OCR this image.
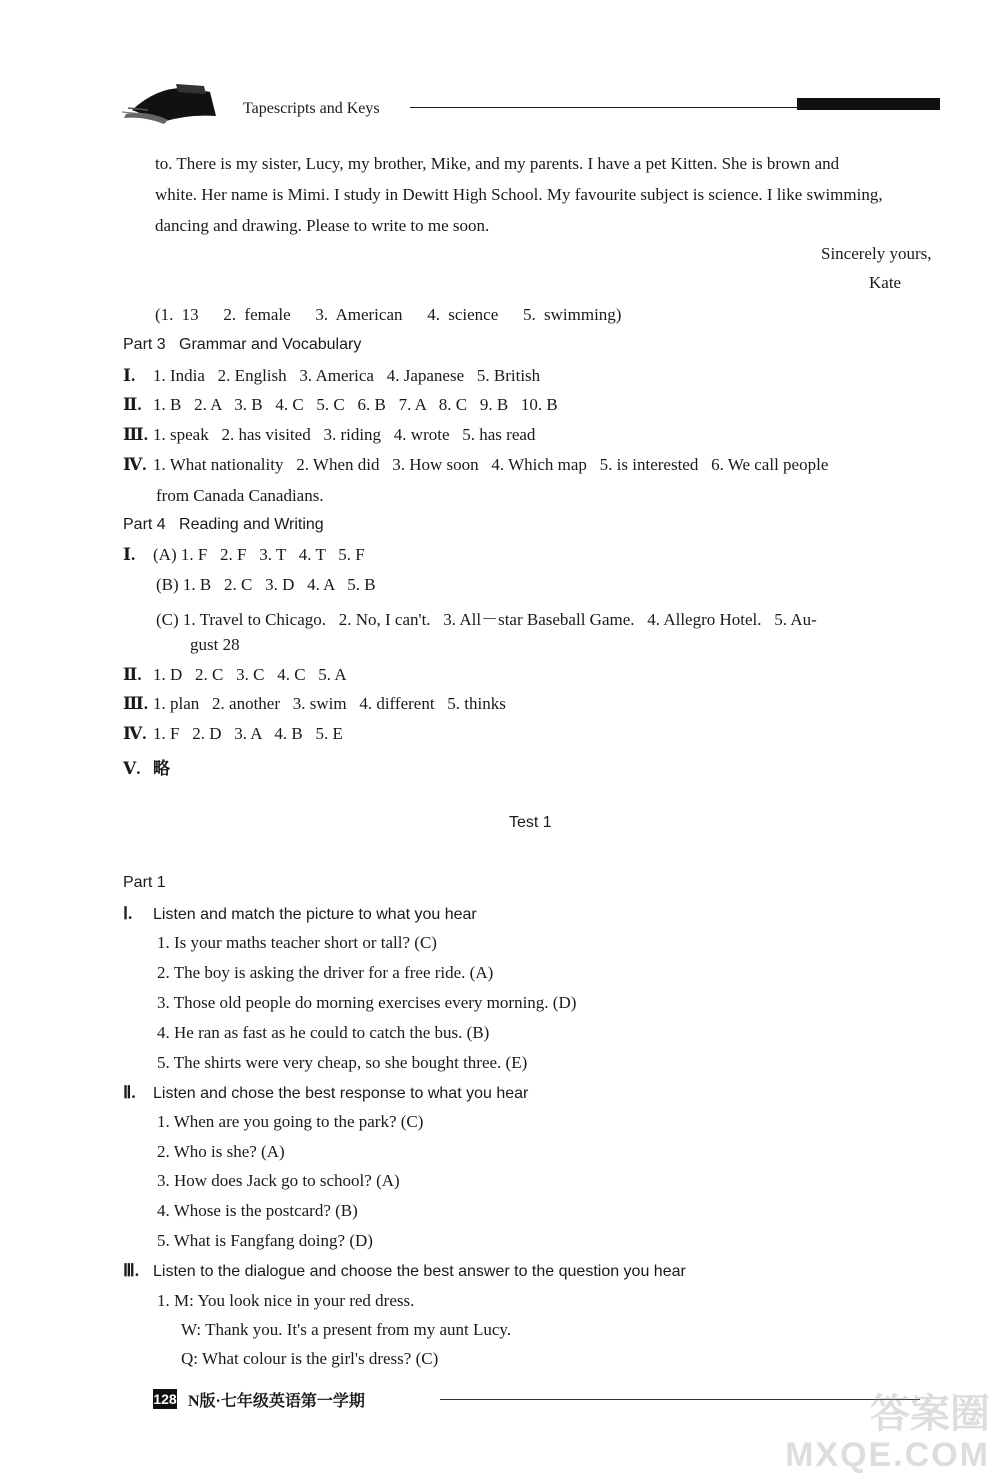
Tapescripts and Keys
to. There is my sister, Lucy, my brother, Mike, and my parents. I have a pet Kitten. She is brown and
white. Her name is Mimi. I study in Dewitt High School. My favourite subject is science. I like swimming,
dancing and drawing. Please to write to me soon.
Sincerely yours,
Kate
(1. 13   2. female   3. American   4. science   5. swimming)
Part 3   Grammar and Vocabulary
Ⅰ. 1. India   2. English   3. America   4. Japanese   5. British
Ⅱ. 1. B   2. A   3. B   4. C   5. C   6. B   7. A   8. C   9. B   10. B
Ⅲ. 1. speak   2. has visited   3. riding   4. wrote   5. has read
Ⅳ. 1. What nationality   2. When did   3. How soon   4. Which map   5. is interested   6. We call people
from Canada Canadians.
Part 4   Reading and Writing
Ⅰ. (A) 1. F   2. F   3. T   4. T   5. F
(B) 1. B   2. C   3. D   4. A   5. B
(C) 1. Travel to Chicago.   2. No, I can't.   3. All－star Baseball Game.   4. Allegro Hotel.   5. Au-
gust 28
Ⅱ. 1. D   2. C   3. C   4. C   5. A
Ⅲ. 1. plan   2. another   3. swim   4. different   5. thinks
Ⅳ. 1. F   2. D   3. A   4. B   5. E
Ⅴ. 略
Test 1
Part 1
Ⅰ. Listen and match the picture to what you hear
1. Is your maths teacher short or tall? (C)
2. The boy is asking the driver for a free ride. (A)
3. Those old people do morning exercises every morning. (D)
4. He ran as fast as he could to catch the bus. (B)
5. The shirts were very cheap, so she bought three. (E)
Ⅱ. Listen and chose the best response to what you hear
1. When are you going to the park? (C)
2. Who is she? (A)
3. How does Jack go to school? (A)
4. Whose is the postcard? (B)
5. What is Fangfang doing? (D)
Ⅲ. Listen to the dialogue and choose the best answer to the question you hear
1. M: You look nice in your red dress.
W: Thank you. It's a present from my aunt Lucy.
Q: What colour is the girl's dress? (C)
128 N版·七年级英语第一学期	答案圈
MXQE.COM
